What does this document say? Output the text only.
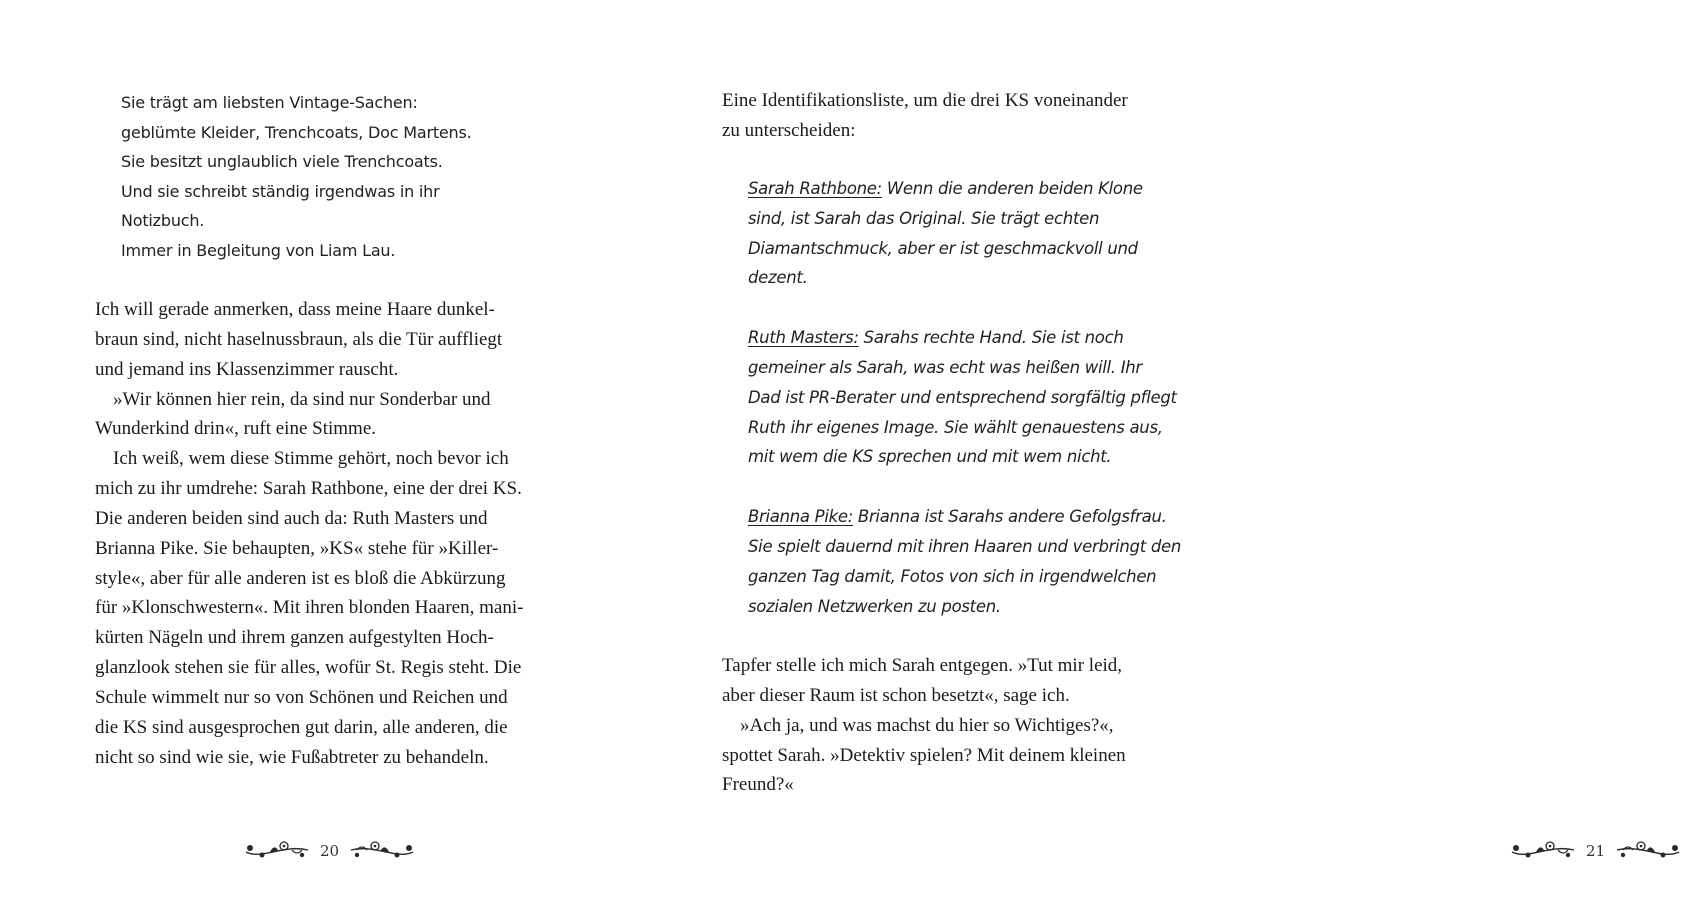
Sie trägt am liebsten Vintage-Sachen:
geblümte Kleider, Trenchcoats, Doc Martens.
Sie besitzt unglaublich viele Trenchcoats.
Und sie schreibt ständig irgendwas in ihr
Notizbuch.
Immer in Begleitung von Liam Lau.
Ich will gerade anmerken, dass meine Haare dunkel-
braun sind, nicht haselnussbraun, als die Tür auffliegt
und jemand ins Klassenzimmer rauscht.
»Wir können hier rein, da sind nur Sonderbar und
Wunderkind drin«, ruft eine Stimme.
Ich weiß, wem diese Stimme gehört, noch bevor ich
mich zu ihr umdrehe: Sarah Rathbone, eine der drei KS.
Die anderen beiden sind auch da: Ruth Masters und
Brianna Pike. Sie behaupten, »KS« stehe für »Killer-
style«, aber für alle anderen ist es bloß die Abkürzung
für »Klonschwestern«. Mit ihren blonden Haaren, mani-
kürten Nägeln und ihrem ganzen aufgestylten Hoch-
glanzlook stehen sie für alles, wofür St. Regis steht. Die
Schule wimmelt nur so von Schönen und Reichen und
die KS sind ausgesprochen gut darin, alle anderen, die
nicht so sind wie sie, wie Fußabtreter zu behandeln.
20
Eine Identifikationsliste, um die drei KS voneinander
zu unterscheiden:
Sarah Rathbone: Wenn die anderen beiden Klone
sind, ist Sarah das Original. Sie trägt echten
Diamantschmuck, aber er ist geschmackvoll und
dezent.
Ruth Masters: Sarahs rechte Hand. Sie ist noch
gemeiner als Sarah, was echt was heißen will. Ihr
Dad ist PR-Berater und entsprechend sorgfältig pflegt
Ruth ihr eigenes Image. Sie wählt genauestens aus,
mit wem die KS sprechen und mit wem nicht.
Brianna Pike: Brianna ist Sarahs andere Gefolgsfrau.
Sie spielt dauernd mit ihren Haaren und verbringt den
ganzen Tag damit, Fotos von sich in irgendwelchen
sozialen Netzwerken zu posten.
Tapfer stelle ich mich Sarah entgegen. »Tut mir leid,
aber dieser Raum ist schon besetzt«, sage ich.
»Ach ja, und was machst du hier so Wichtiges?«,
spottet Sarah. »Detektiv spielen? Mit deinem kleinen
Freund?«
21
